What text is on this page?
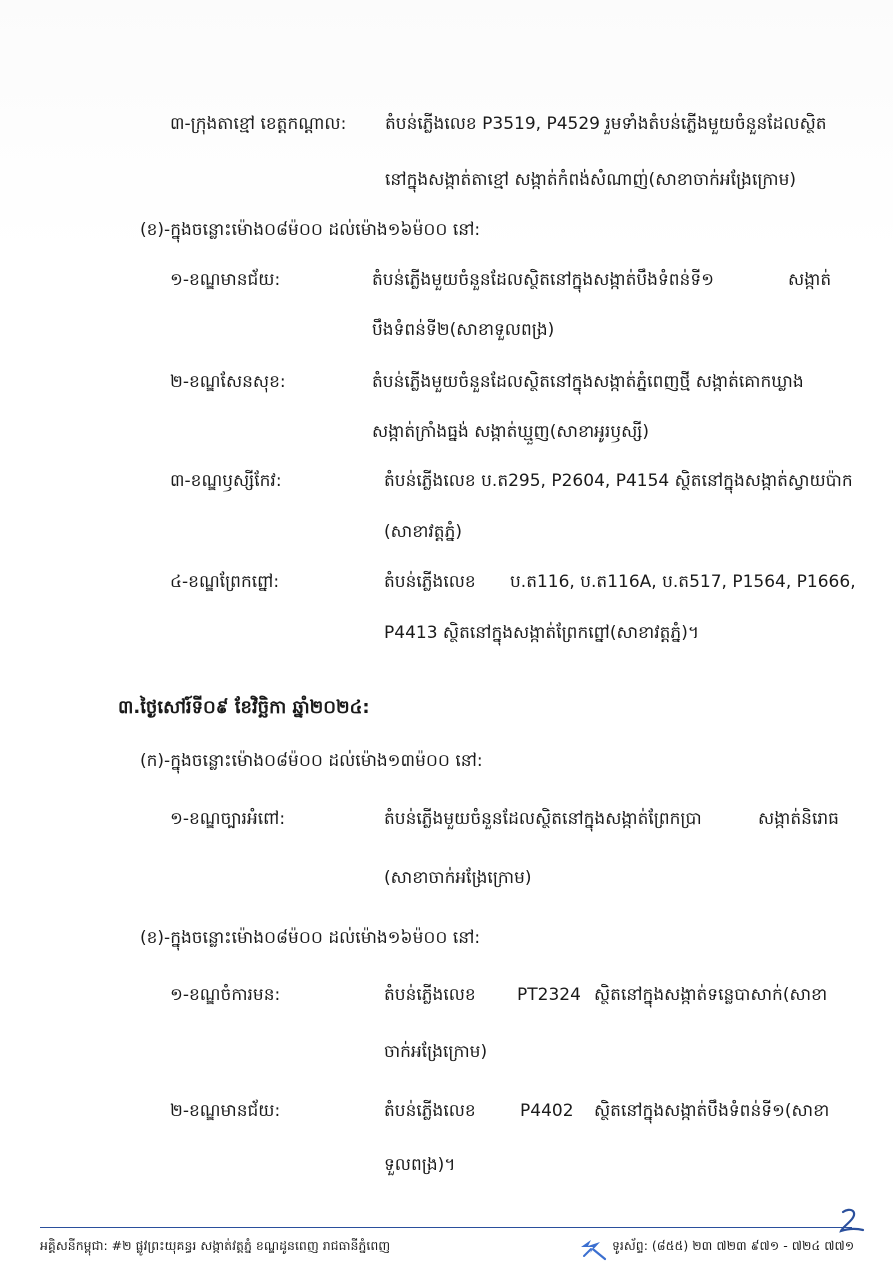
៣-ក្រុងតាខ្មៅ ខេត្តកណ្ដាល: តំបន់ភ្លើងលេខ P3519, P4529 រួមទាំងតំបន់ភ្លើងមួយចំនួនដែលស្ថិត
នៅក្នុងសង្កាត់តាខ្មៅ សង្កាត់កំពង់សំណាញ់(សាខាចាក់អង្រែក្រោម)
(ខ)-ក្នុងចន្លោះម៉ោង០៨ម៉០០ ដល់ម៉ោង១៦ម៉០០ នៅ:
១-ខណ្ឌមានជ័យ:	តំបន់ភ្លើងមួយចំនួនដែលស្ថិតនៅក្នុងសង្កាត់បឹងទំពន់ទី១	សង្កាត់
បឹងទំពន់ទី២(សាខាទួលពង្រ)
២-ខណ្ឌសែនសុខ:	តំបន់ភ្លើងមួយចំនួនដែលស្ថិតនៅក្នុងសង្កាត់ភ្នំពេញថ្មី សង្កាត់គោកឃ្លាង
សង្កាត់ក្រាំងធ្នង់ សង្កាត់ឃ្មួញ(សាខាអូរឫស្សី)
៣-ខណ្ឌឫស្សីកែវ:	តំបន់ភ្លើងលេខ ប.ត295, P2604, P4154 ស្ថិតនៅក្នុងសង្កាត់ស្វាយប៉ាក
(សាខាវត្តភ្នំ)
៤-ខណ្ឌព្រែកព្នៅ:	តំបន់ភ្លើងលេខ ប.ត116, ប.ត116A, ប.ត517, P1564, P1666,
P4413 ស្ថិតនៅក្នុងសង្កាត់ព្រែកព្នៅ(សាខាវត្តភ្នំ)។
៣.ថ្ងៃសៅរ៍ទី០៩ ខែវិច្ឆិកា ឆ្នាំ២០២៤:
(ក)-ក្នុងចន្លោះម៉ោង០៨ម៉០០ ដល់ម៉ោង១៣ម៉០០ នៅ:
១-ខណ្ឌច្បារអំពៅ:	តំបន់ភ្លើងមួយចំនួនដែលស្ថិតនៅក្នុងសង្កាត់ព្រែកប្រា	សង្កាត់និរោធ
(សាខាចាក់អង្រែក្រោម)
(ខ)-ក្នុងចន្លោះម៉ោង០៨ម៉០០ ដល់ម៉ោង១៦ម៉០០ នៅ:
១-ខណ្ឌចំការមន:	តំបន់ភ្លើងលេខ PT2324 ស្ថិតនៅក្នុងសង្កាត់ទន្លេបាសាក់(សាខា
ចាក់អង្រែក្រោម)
២-ខណ្ឌមានជ័យ:	តំបន់ភ្លើងលេខ	P4402 ស្ថិតនៅក្នុងសង្កាត់បឹងទំពន់ទី១(សាខា
ទួលពង្រ)។
អគ្គិសនីកម្ពុជា: #២ ផ្លូវព្រះយុគន្ធរ សង្កាត់វត្តភ្នំ ខណ្ឌដូនពេញ រាជធានីភ្នំពេញ	ទូរស័ព្ទ: (៨៥៥) ២៣ ៧២៣ ៩៧១ - ៧២៤ ៧៧១
